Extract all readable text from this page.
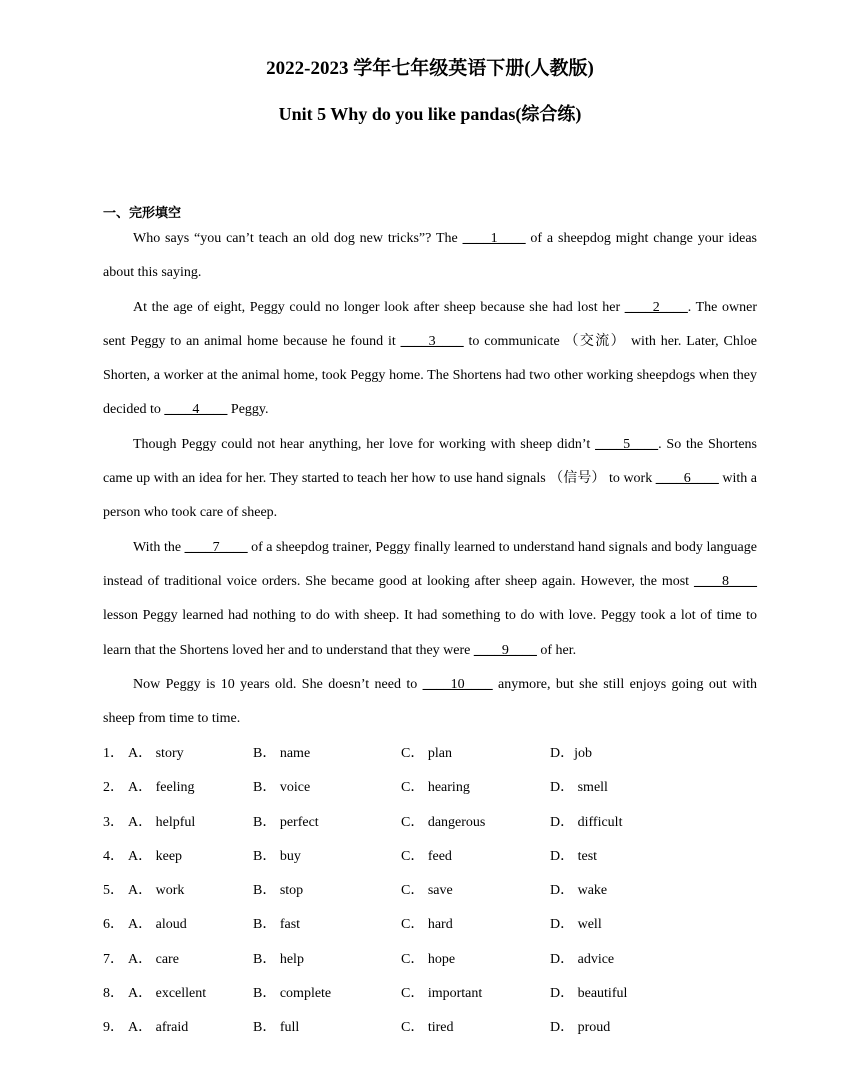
2022-2023 学年七年级英语下册(人教版)
Unit 5 Why do you like pandas(综合练)
一、完形填空

Who says “you can’t teach an old dog new tricks”? The ____1____ of a sheepdog might change your ideas about this saying.

At the age of eight, Peggy could no longer look after sheep because she had lost her ____2____. The owner sent Peggy to an animal home because he found it ____3____ to communicate （交流） with her. Later, Chloe Shorten, a worker at the animal home, took Peggy home. The Shortens had two other working sheepdogs when they decided to ____4____ Peggy.

Though Peggy could not hear anything, her love for working with sheep didn’t ____5____. So the Shortens came up with an idea for her. They started to teach her how to use hand signals （信号） to work ____6____ with a person who took care of sheep.

With the ____7____ of a sheepdog trainer, Peggy finally learned to understand hand signals and body language instead of traditional voice orders. She became good at looking after sheep again. However, the most ____8____ lesson Peggy learned had nothing to do with sheep. It had something to do with love. Peggy took a lot of time to learn that the Shortens loved her and to understand that they were ____9____ of her.

Now Peggy is 10 years old. She doesn’t need to ____10____ anymore, but she still enjoys going out with sheep from time to time.

1． A． story	B． name	C． plan	D．job
2． A． feeling	B． voice	C． hearing	D． smell
3． A． helpful	B． perfect	C． dangerous	D． difficult
4． A． keep	B． buy	C． feed	D． test
5． A． work	B． stop	C． save	D． wake
6． A． aloud	B． fast	C． hard	D． well
7． A． care	B． help	C． hope	D． advice
8． A． excellent	B． complete	C． important	D． beautiful
9． A． afraid	B． full	C． tired	D． proud
